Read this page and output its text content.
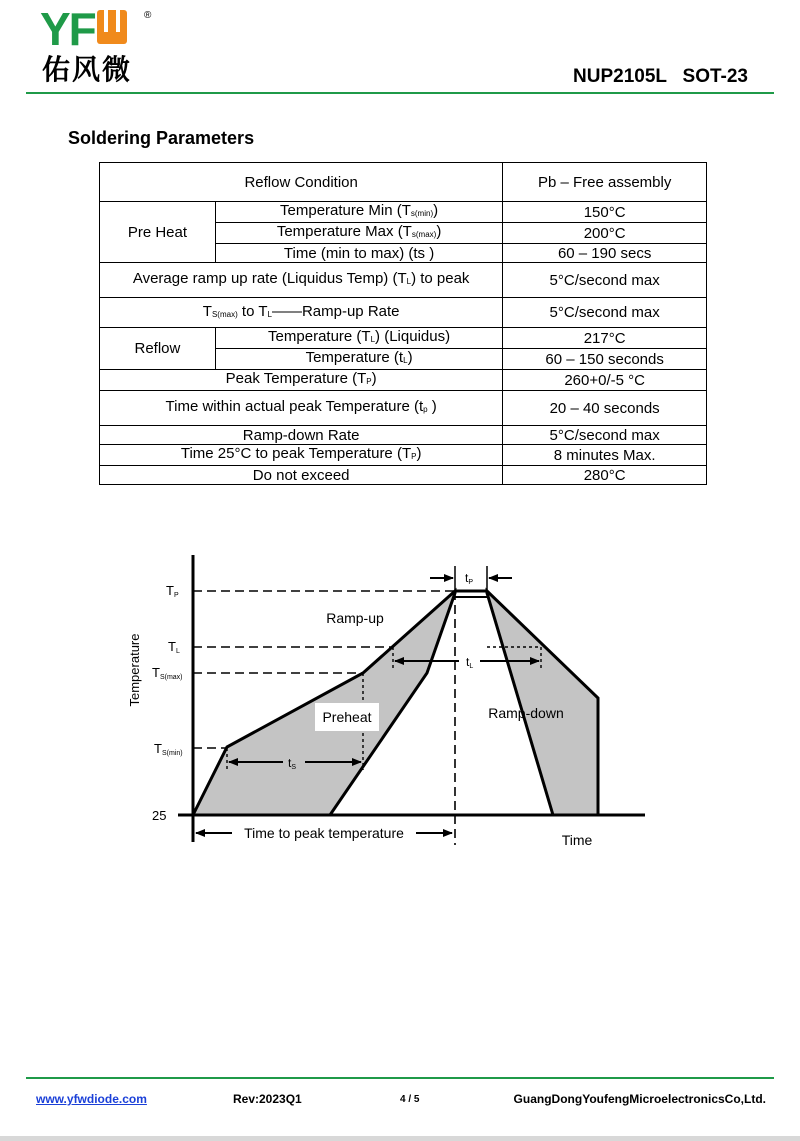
YF	®
佑风微	NUP2105L   SOT-23
Soldering Parameters
Reflow Condition		Pb – Free assembly
Pre Heat	Temperature Min $(T_{s(min)})$	150°C
	Temperature Max $(T_{s(max)})$	200°C
	Time (min to max) (ts )	60 – 190 secs
Average ramp up rate (Liquidus Temp) $(T_L)$ to peak		5°C/second max
$T_{S(max)}$ to $T_L——Ramp-up$ Rate		5°C/second max
Reflow	Temperature $(T_L)$ (Liquidus)	217°C
	Temperature $(t_L)$	60 – 150 seconds
Peak Temperature $(T_P)$		260+0/-5 °C
Time within actual peak Temperature ($t_p$ )		20 – 40 seconds
Ramp-down Rate		5°C/second max
Time 25°C to peak Temperature $(T_P)$		8 minutes Max.
Do not exceed		280°C
Temperature
Time
TP
TL
TS(max)
TS(min)
25
Ramp-up
Preheat	Ramp-down
tP
tL
tS
Time to peak temperature
www.yfwdiode.com	Rev:2023Q1	4 / 5	GuangDongYoufengMicroelectronicsCo,Ltd.
